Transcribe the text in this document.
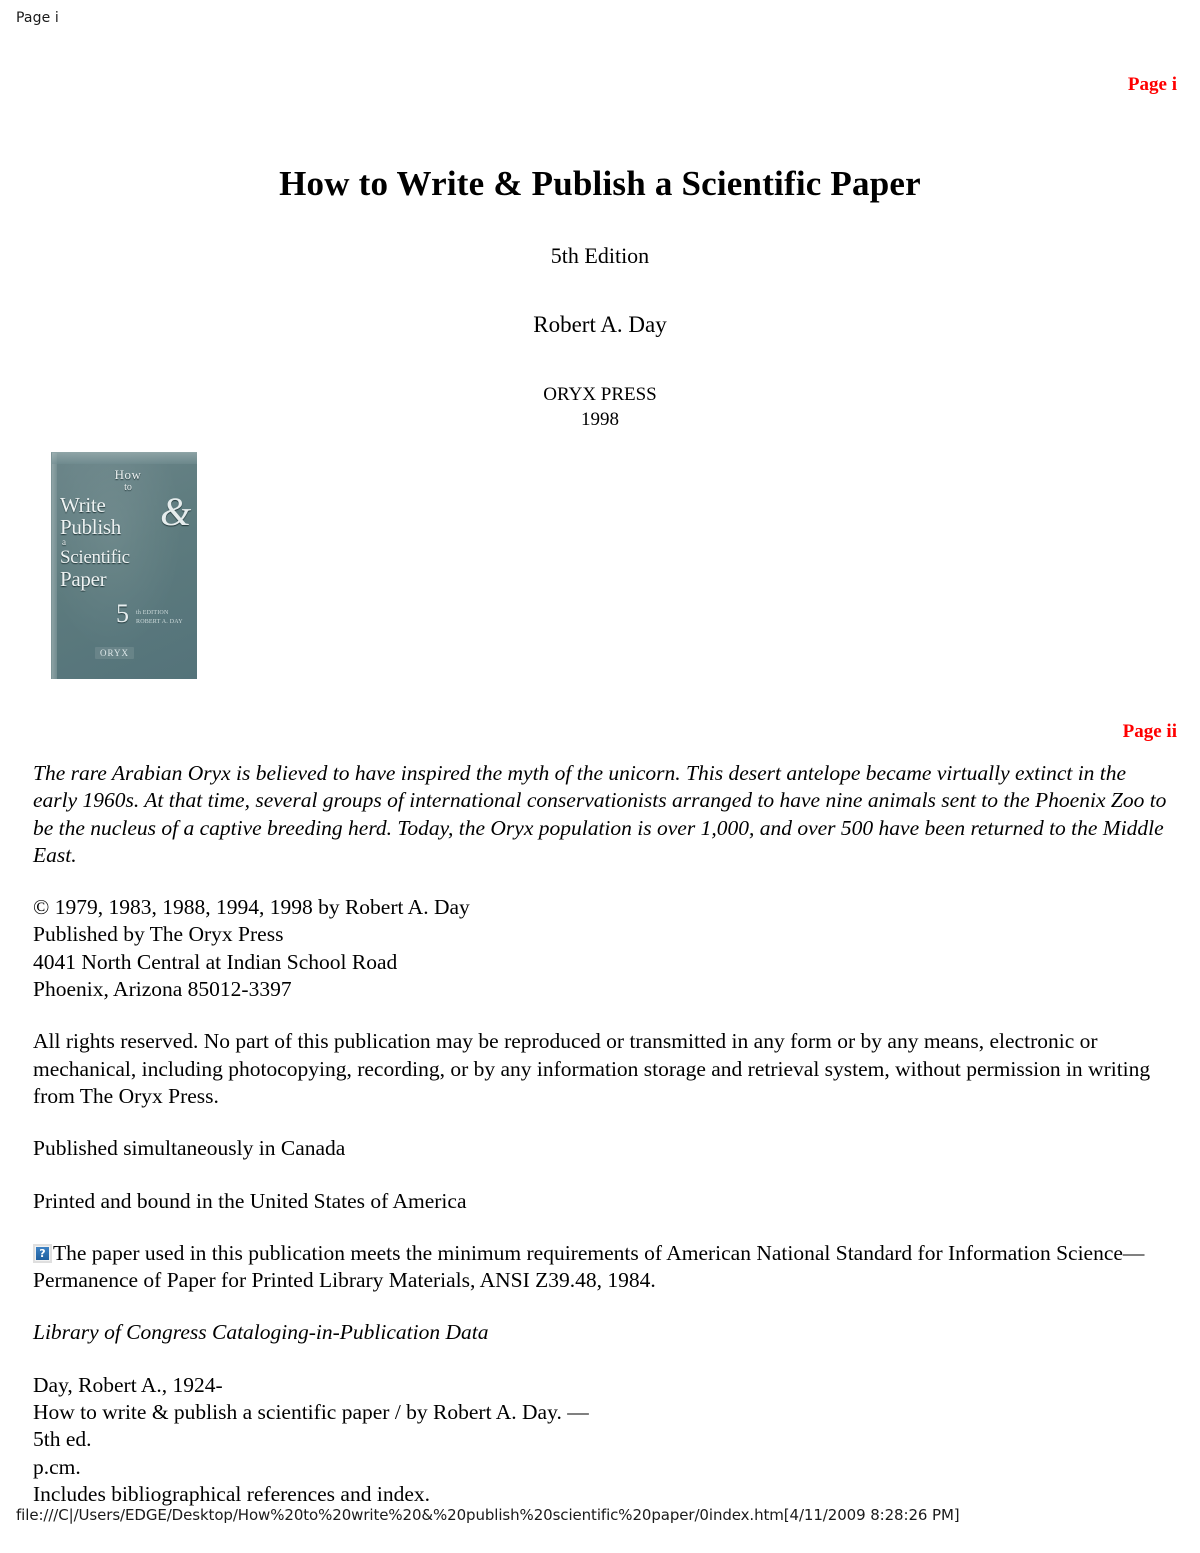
Page i
Page i
How to Write & Publish a Scientific Paper
5th Edition
Robert A. Day
ORYX PRESS
1998
How
to
Write &
Publish
a
Scientific
Paper
5 th EDITION
ROBERT A. DAY
ORYX
Page ii

The rare Arabian Oryx is believed to have inspired the myth of the unicorn. This desert antelope became virtually extinct in the early 1960s. At that time, several groups of international conservationists arranged to have nine animals sent to the Phoenix Zoo to be the nucleus of a captive breeding herd. Today, the Oryx population is over 1,000, and over 500 have been returned to the Middle East.

© 1979, 1983, 1988, 1994, 1998 by Robert A. Day
Published by The Oryx Press
4041 North Central at Indian School Road
Phoenix, Arizona 85012-3397

All rights reserved. No part of this publication may be reproduced or transmitted in any form or by any means, electronic or mechanical, including photocopying, recording, or by any information storage and retrieval system, without permission in writing from The Oryx Press.

Published simultaneously in Canada

Printed and bound in the United States of America

? The paper used in this publication meets the minimum requirements of American National Standard for Information Science—Permanence of Paper for Printed Library Materials, ANSI Z39.48, 1984.

Library of Congress Cataloging-in-Publication Data

Day, Robert A., 1924-
How to write & publish a scientific paper / by Robert A. Day. —
5th ed.
p.cm.
Includes bibliographical references and index.
file:///C|/Users/EDGE/Desktop/How%20to%20write%20&%20publish%20scientific%20paper/0index.htm[4/11/2009 8:28:26 PM]
